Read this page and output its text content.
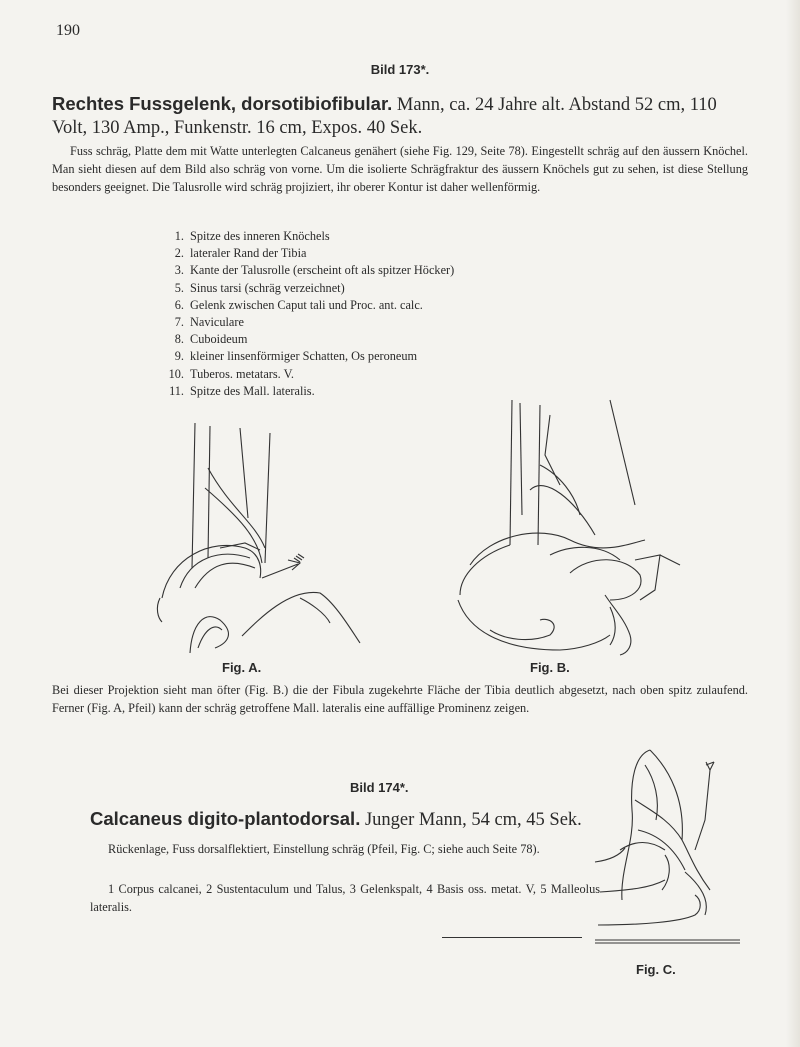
190
Bild 173*.
Rechtes Fussgelenk, dorsotibiofibular. Mann, ca. 24 Jahre alt. Abstand 52 cm, 110 Volt, 130 Amp., Funkenstr. 16 cm, Expos. 40 Sek.
Fuss schräg, Platte dem mit Watte unterlegten Calcaneus genähert (siehe Fig. 129, Seite 78). Eingestellt schräg auf den äussern Knöchel. Man sieht diesen auf dem Bild also schräg von vorne. Um die isolierte Schrägfraktur des äussern Knöchels gut zu sehen, ist diese Stellung besonders geeignet. Die Talusrolle wird schräg projiziert, ihr oberer Kontur ist daher wellenförmig.
1. Spitze des inneren Knöchels
2. lateraler Rand der Tibia
3. Kante der Talusrolle (erscheint oft als spitzer Höcker)
5. Sinus tarsi (schräg verzeichnet)
6. Gelenk zwischen Caput tali und Proc. ant. calc.
7. Naviculare
8. Cuboideum
9. kleiner linsenförmiger Schatten, Os peroneum
10. Tuberos. metatars. V.
11. Spitze des Mall. lateralis.
Fig. A.	Fig. B.
Bei dieser Projektion sieht man öfter (Fig. B.) die der Fibula zugekehrte Fläche der Tibia deutlich abgesetzt, nach oben spitz zulaufend. Ferner (Fig. A, Pfeil) kann der schräg getroffene Mall. lateralis eine auffällige Prominenz zeigen.
Bild 174*.
Calcaneus digito-plantodorsal. Junger Mann, 54 cm, 45 Sek.
Rückenlage, Fuss dorsalflektiert, Einstellung schräg (Pfeil, Fig. C; siehe auch Seite 78).
1 Corpus calcanei, 2 Sustentaculum und Talus, 3 Gelenkspalt, 4 Basis oss. metat. V, 5 Malleolus lateralis.
Fig. C.
